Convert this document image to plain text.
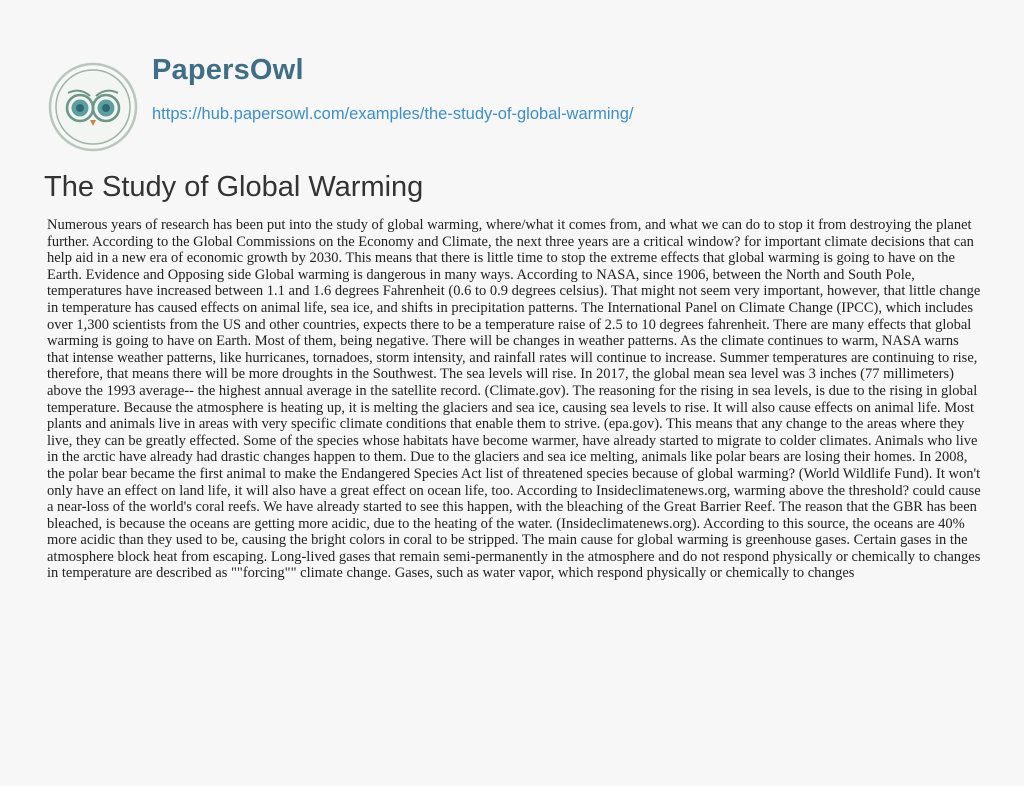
PapersOwl
https://hub.papersowl.com/examples/the-study-of-global-warming/
The Study of Global Warming

Numerous years of research has been put into the study of global warming, where/what it comes from, and what we can do to stop it from destroying the planet further. According to the Global Commissions on the Economy and Climate, the next three years are a critical window? for important climate decisions that can help aid in a new era of economic growth by 2030. This means that there is little time to stop the extreme effects that global warming is going to have on the Earth. Evidence and Opposing side Global warming is dangerous in many ways. According to NASA, since 1906, between the North and South Pole, temperatures have increased between 1.1 and 1.6 degrees Fahrenheit (0.6 to 0.9 degrees celsius). That might not seem very important, however, that little change in temperature has caused effects on animal life, sea ice, and shifts in precipitation patterns. The International Panel on Climate Change (IPCC), which includes over 1,300 scientists from the US and other countries, expects there to be a temperature raise of 2.5 to 10 degrees fahrenheit. There are many effects that global warming is going to have on Earth. Most of them, being negative. There will be changes in weather patterns. As the climate continues to warm, NASA warns that intense weather patterns, like hurricanes, tornadoes, storm intensity, and rainfall rates will continue to increase. Summer temperatures are continuing to rise, therefore, that means there will be more droughts in the Southwest. The sea levels will rise. In 2017, the global mean sea level was 3 inches (77 millimeters) above the 1993 average-- the highest annual average in the satellite record. (Climate.gov). The reasoning for the rising in sea levels, is due to the rising in global temperature. Because the atmosphere is heating up, it is melting the glaciers and sea ice, causing sea levels to rise. It will also cause effects on animal life. Most plants and animals live in areas with very specific climate conditions that enable them to strive. (epa.gov). This means that any change to the areas where they live, they can be greatly effected. Some of the species whose habitats have become warmer, have already started to migrate to colder climates. Animals who live in the arctic have already had drastic changes happen to them. Due to the glaciers and sea ice melting, animals like polar bears are losing their homes. In 2008, the polar bear became the first animal to make the Endangered Species Act list of threatened species because of global warming? (World Wildlife Fund). It won't only have an effect on land life, it will also have a great effect on ocean life, too. According to Insideclimatenews.org, warming above the threshold? could cause a near-loss of the world's coral reefs. We have already started to see this happen, with the bleaching of the Great Barrier Reef. The reason that the GBR has been bleached, is because the oceans are getting more acidic, due to the heating of the water. (Insideclimatenews.org). According to this source, the oceans are 40% more acidic than they used to be, causing the bright colors in coral to be stripped. The main cause for global warming is greenhouse gases. Certain gases in the atmosphere block heat from escaping. Long-lived gases that remain semi-permanently in the atmosphere and do not respond physically or chemically to changes in temperature are described as ""forcing"" climate change. Gases, such as water vapor, which respond physically or chemically to changes
